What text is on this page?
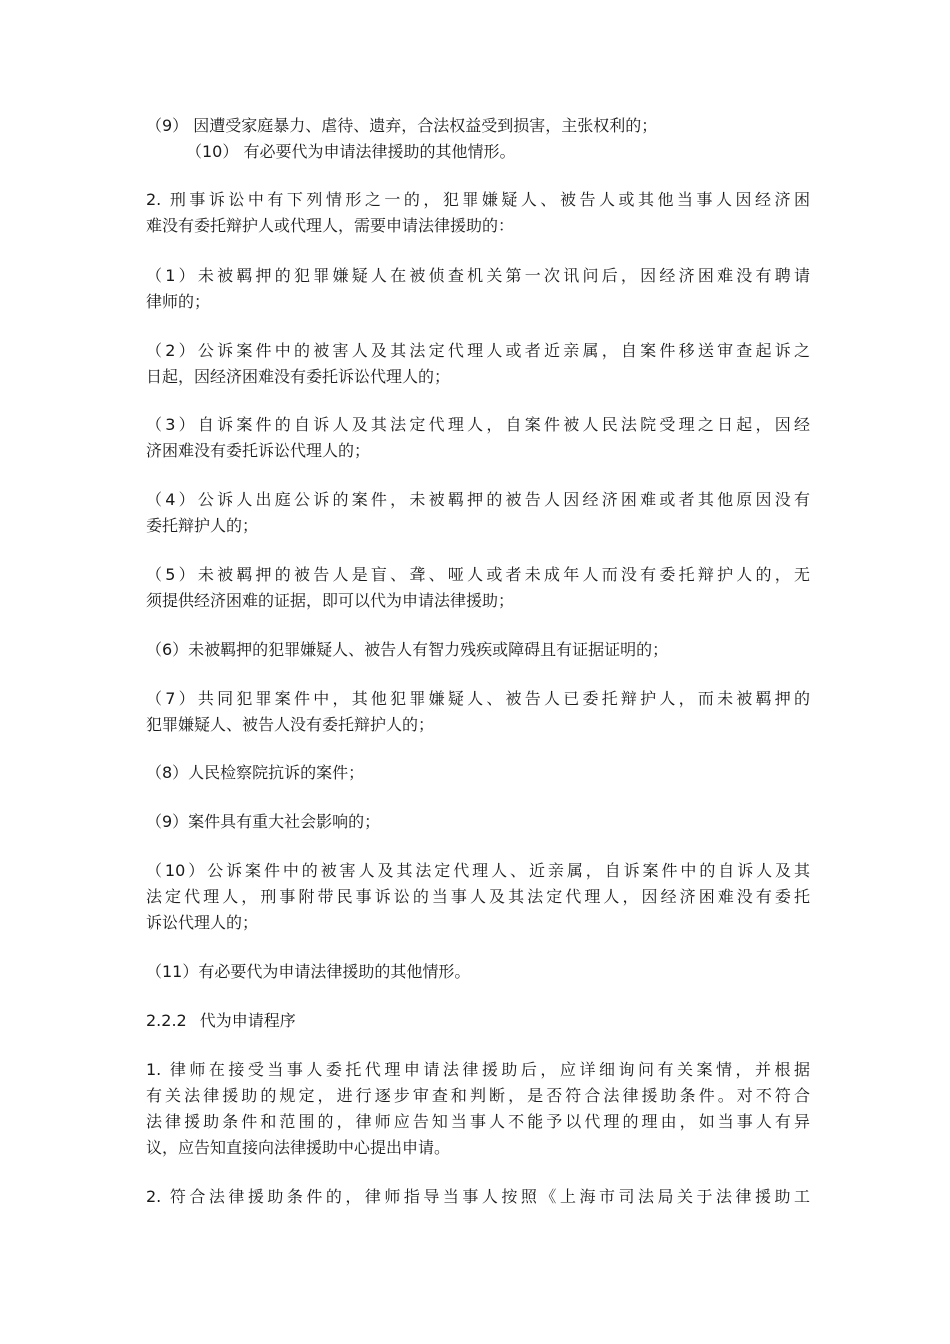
（9） 因遭受家庭暴力、虐待、遗弃，合法权益受到损害，主张权利的；
（10） 有必要代为申请法律援助的其他情形。
2. 刑事诉讼中有下列情形之一的，犯罪嫌疑人、被告人或其他当事人因经济困
难没有委托辩护人或代理人，需要申请法律援助的：
（1）未被羁押的犯罪嫌疑人在被侦查机关第一次讯问后，因经济困难没有聘请
律师的；
（2）公诉案件中的被害人及其法定代理人或者近亲属，自案件移送审查起诉之
日起，因经济困难没有委托诉讼代理人的；
（3）自诉案件的自诉人及其法定代理人，自案件被人民法院受理之日起，因经
济困难没有委托诉讼代理人的；
（4）公诉人出庭公诉的案件，未被羁押的被告人因经济困难或者其他原因没有
委托辩护人的；
（5）未被羁押的被告人是盲、聋、哑人或者未成年人而没有委托辩护人的，无
须提供经济困难的证据，即可以代为申请法律援助；
（6）未被羁押的犯罪嫌疑人、被告人有智力残疾或障碍且有证据证明的；
（7）共同犯罪案件中，其他犯罪嫌疑人、被告人已委托辩护人，而未被羁押的
犯罪嫌疑人、被告人没有委托辩护人的；
（8）人民检察院抗诉的案件；
（9）案件具有重大社会影响的；
（10）公诉案件中的被害人及其法定代理人、近亲属，自诉案件中的自诉人及其
法定代理人，刑事附带民事诉讼的当事人及其法定代理人，因经济困难没有委托
诉讼代理人的；
（11）有必要代为申请法律援助的其他情形。
2.2.2 代为申请程序
1. 律师在接受当事人委托代理申请法律援助后，应详细询问有关案情，并根据
有关法律援助的规定，进行逐步审查和判断，是否符合法律援助条件。对不符合
法律援助条件和范围的，律师应告知当事人不能予以代理的理由，如当事人有异
议，应告知直接向法律援助中心提出申请。
2. 符合法律援助条件的，律师指导当事人按照《上海市司法局关于法律援助工
